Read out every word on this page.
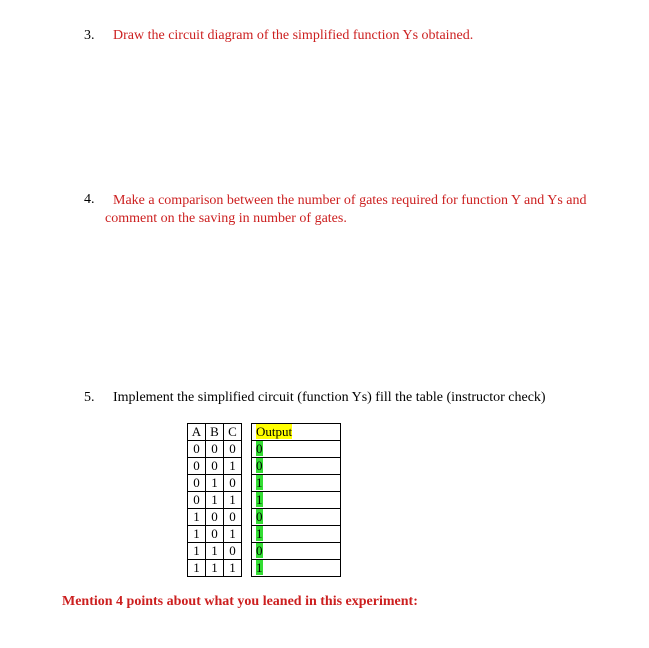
3. Draw the circuit diagram of the simplified function Ys obtained.
4.	Make a comparison between the number of gates required for function Y and Ys and
comment on the saving in number of gates.
5. Implement the simplified circuit (function Ys) fill the table (instructor check)
A	B	C		Output
0	0	0		0
0	0	1		0
0	1	0		1
0	1	1		1
1	0	0		0
1	0	1		1
1	1	0		0
1	1	1		1
Mention 4 points about what you leaned in this experiment:
